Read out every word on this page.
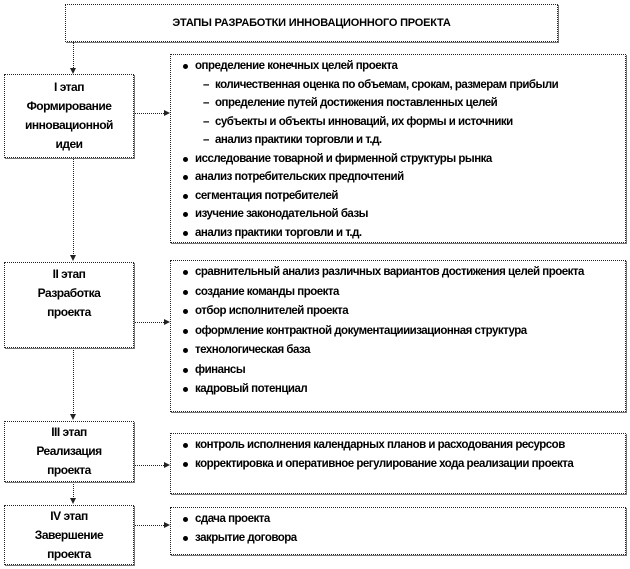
ЭТАПЫ РАЗРАБОТКИ ИННОВАЦИОННОГО ПРОЕКТА
I этап
Формирование
инновационной
идеи
II этап
Разработка
проекта
III этап
Реализация
проекта
IV этап
Завершение
проекта
определение конечных целей проекта
– количественная оценка по объемам, срокам, размерам прибыли
– определение путей достижения поставленных целей
– субъекты и объекты инноваций, их формы и источники
– анализ практики торговли и т.д.
исследование товарной и фирменной структуры рынка
анализ потребительских предпочтений
сегментация потребителей
изучение законодательной базы
анализ практики торговли и т.д.
сравнительный анализ различных вариантов достижения целей проекта
создание команды проекта
отбор исполнителей проекта
оформление контрактной документацииизационная структура
технологическая база
финансы
кадровый потенциал
контроль исполнения календарных планов и расходования ресурсов
корректировка и оперативное регулирование хода реализации проекта
сдача проекта
закрытие договора
